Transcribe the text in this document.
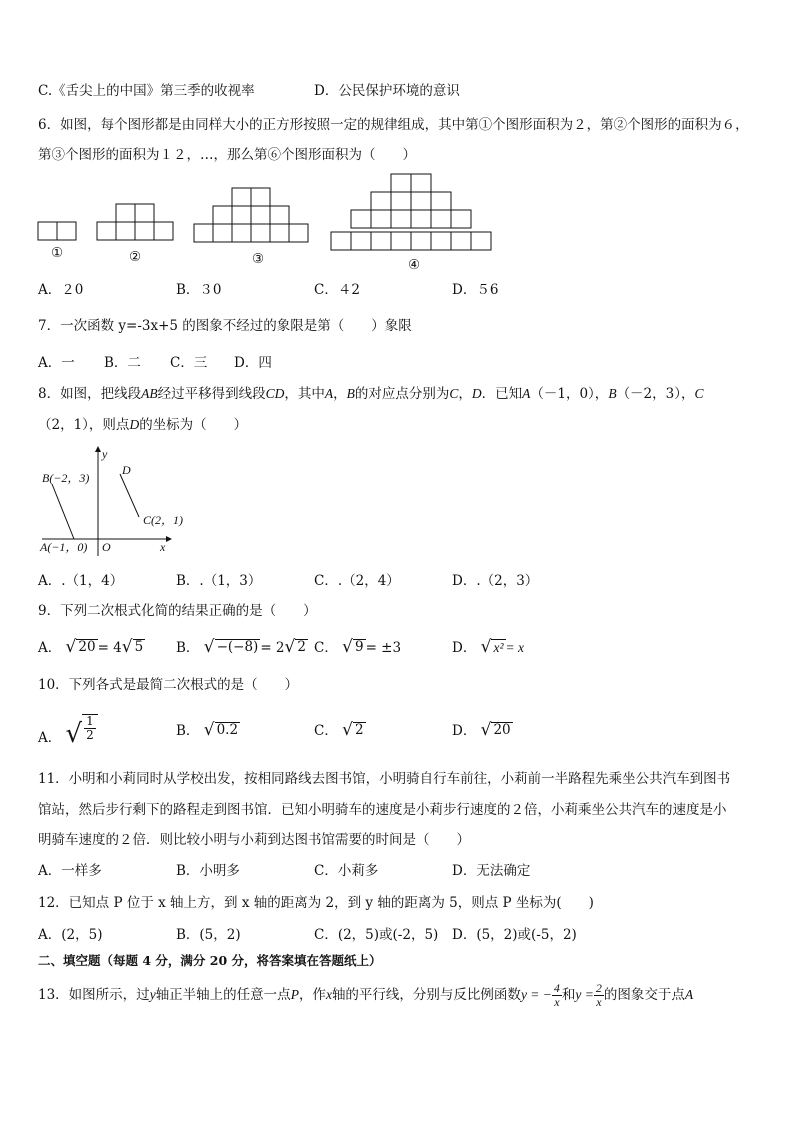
C.《舌尖上的中国》第三季的收视率	D．公民保护环境的意识
6．如图，每个图形都是由同样大小的正方形按照一定的规律组成，其中第①个图形面积为２，第②个图形的面积为６，
第③个图形的面积为１２，…，那么第⑥个图形面积为（　　）
①	②	③	④
A．２0	B．３0	C．４2	D．５6
7．一次函数 y=-3x+5 的图象不经过的象限是第（　　）象限
A．一 B．二 C．三 D．四
8．如图，把线段AB经过平移得到线段CD，其中A，B的对应点分别为C，D．已知A（－1，0），B（－2，3），C
（2，1），则点D的坐标为（　　）
B(−2，3)
D
C(2，1)
A(−1，0) O	x
y
A．.（1，4）	B．.（1，3）	C．.（2，4）	D．.（2，3）
9．下列二次根式化简的结果正确的是（　　）
A． √ 20 = 4 √ 5 B． √ −(−8) = 2 √ 2 C． √ 9 = ±3	D． √ x² = x
10．下列各式是最简二次根式的是（　　）
A． √ $\frac{1}{2}$	B． √ 0.2	C． √ 2	D． √ 20
11．小明和小莉同时从学校出发，按相同路线去图书馆，小明骑自行车前往，小莉前一半路程先乘坐公共汽车到图书
馆站，然后步行剩下的路程走到图书馆．已知小明骑车的速度是小莉步行速度的２倍，小莉乘坐公共汽车的速度是小
明骑车速度的２倍．则比较小明与小莉到达图书馆需要的时间是（　　）
A．一样多	B．小明多	C．小莉多	D．无法确定
12．已知点 P 位于 x 轴上方，到 x 轴的距离为 2，到 y 轴的距离为 5，则点 P 坐标为(　　)
A．(2，5)	B．(5，2)	C．(2，5)或(-2，5) D．(5，2)或(-5，2)
二、填空题（每题 4 分，满分 20 分，将答案填在答题纸上）
13．如图所示，过y轴正半轴上的任意一点P，作x轴的平行线，分别与反比例函数y = − $\frac{4}{x}$ 和$y = \frac{2}{x}$ 的图象交于点A
